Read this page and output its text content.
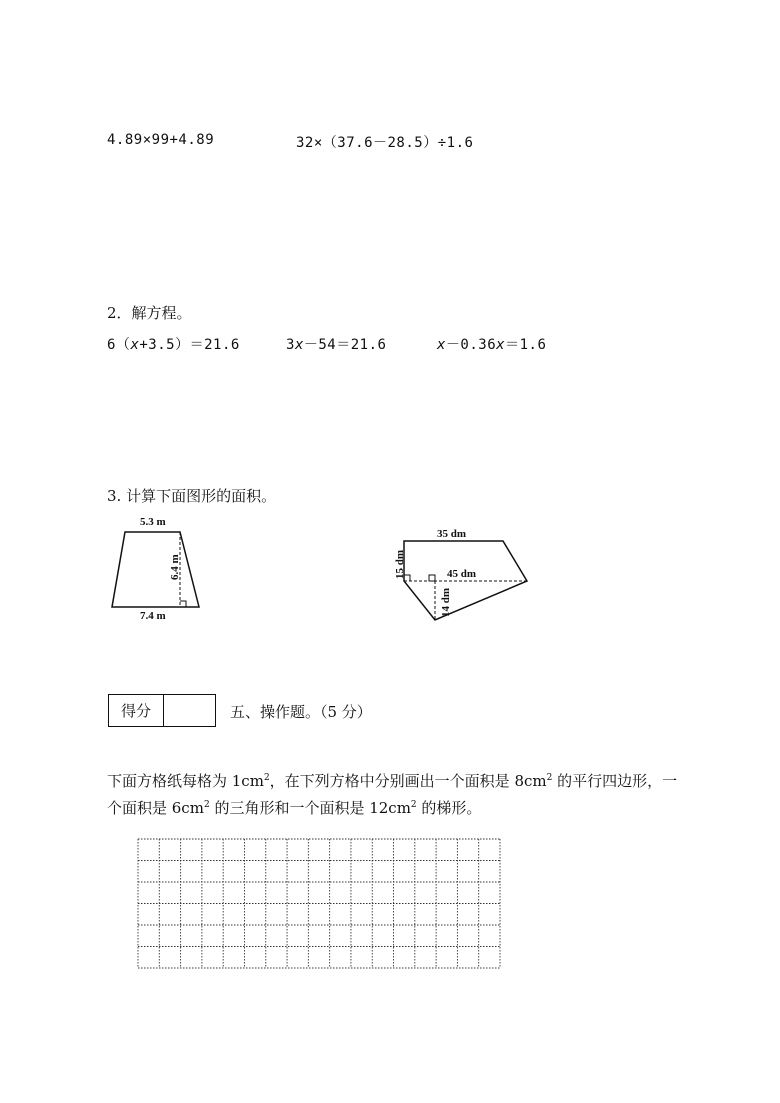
4.89×99+4.89	32×（37.6－28.5）÷1.6
2．解方程。
6（x+3.5）＝21.6	3x－54＝21.6	x－0.36x＝1.6
3. 计算下面图形的面积。
5.3 m
6.4 m
7.4 m
35 dm
15 dm	45 dm
14 dm
得分	五、操作题。（5 分）
下面方格纸每格为 $1cm^2$，在下列方格中分别画出一个面积是 $8cm^2$ 的平行四边形，一
个面积是 $6cm^2$ 的三角形和一个面积是 $12cm^2$ 的梯形。
